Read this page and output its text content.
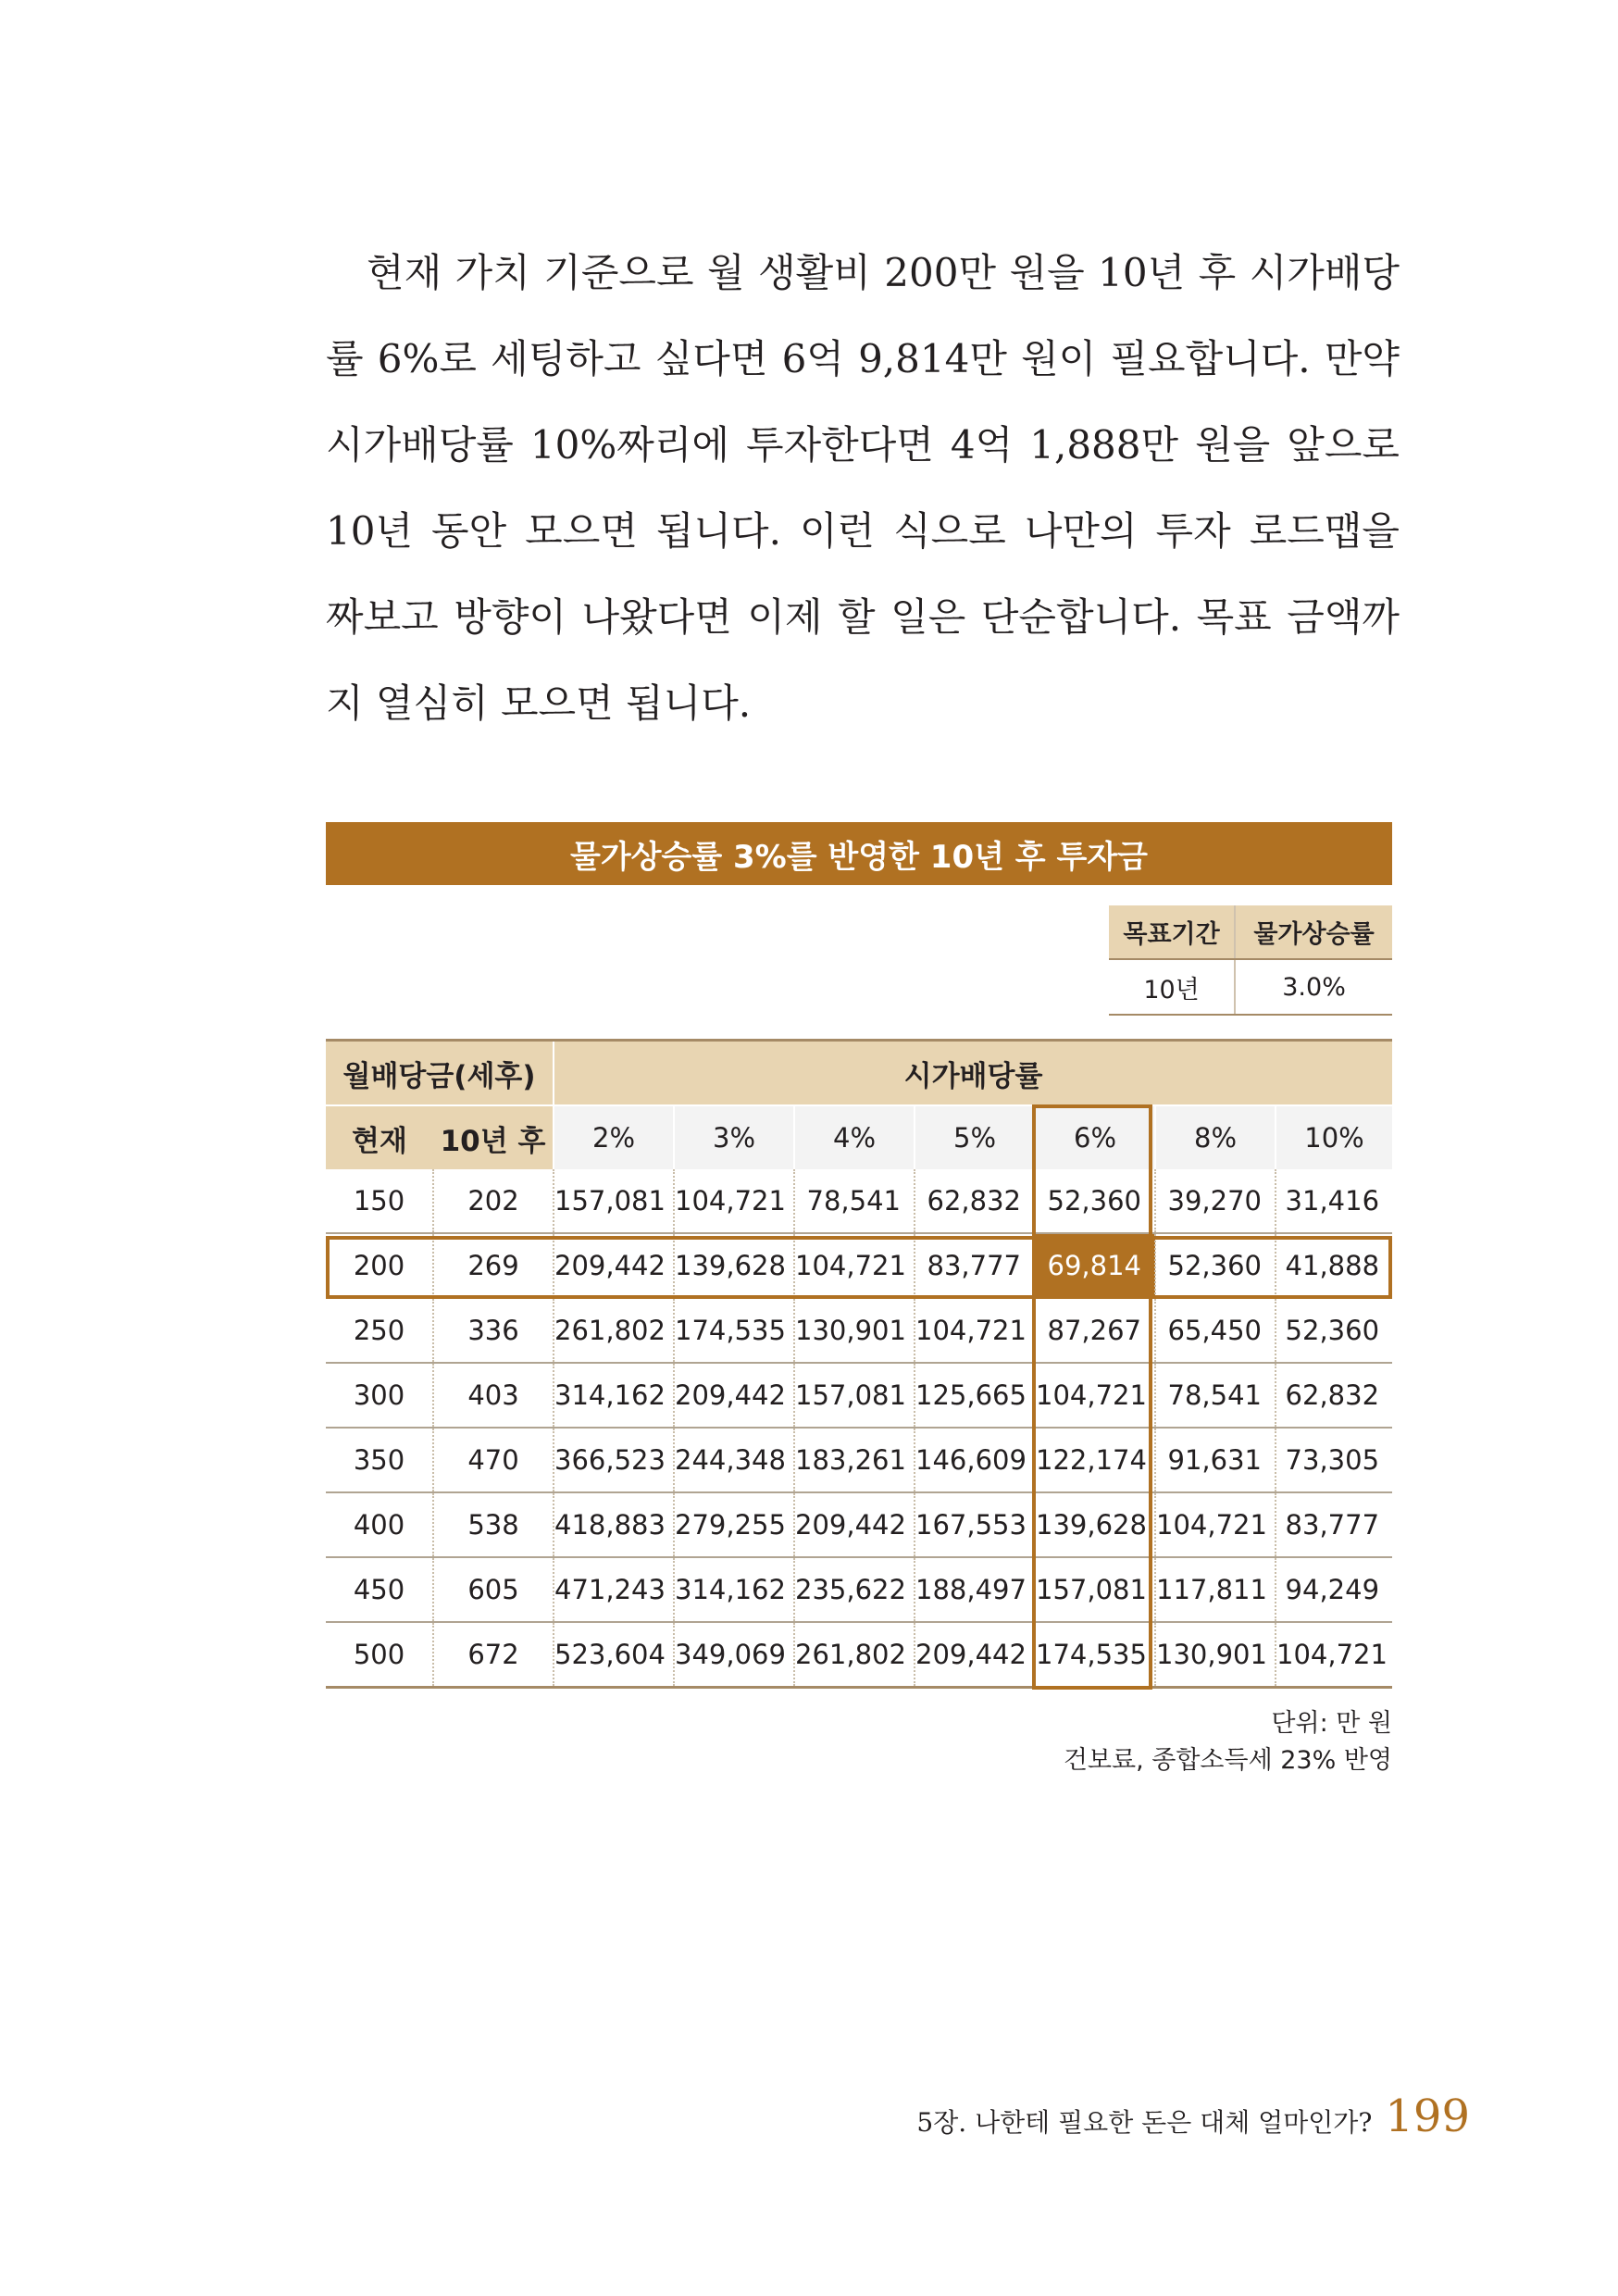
현재 가치 기준으로 월 생활비 200만 원을 10년 후 시가배당률 6%로 세팅하고 싶다면 6억 9,814만 원이 필요합니다. 만약 시가배당률 10%짜리에 투자한다면 4억 1,888만 원을 앞으로 10년 동안 모으면 됩니다. 이런 식으로 나만의 투자 로드맵을 짜보고 방향이 나왔다면 이제 할 일은 단순합니다. 목표 금액까지 열심히 모으면 됩니다.

물가상승률 3%를 반영한 10년 후 투자금
목표기간	물가상승률
10년	3.0%
월배당금(세후)		시가배당률						
현재	10년 후	2%	3%	4%	5%	6%	8%	10%
150	202	157,081	104,721	78,541	62,832	52,360	39,270	31,416
200	269	209,442	139,628	104,721	83,777	69,814	52,360	41,888
250	336	261,802	174,535	130,901	104,721	87,267	65,450	52,360
300	403	314,162	209,442	157,081	125,665	104,721	78,541	62,832
350	470	366,523	244,348	183,261	146,609	122,174	91,631	73,305
400	538	418,883	279,255	209,442	167,553	139,628	104,721	83,777
450	605	471,243	314,162	235,622	188,497	157,081	117,811	94,249
500	672	523,604	349,069	261,802	209,442	174,535	130,901	104,721
단위: 만 원
건보료, 종합소득세 23% 반영
5장. 나한테 필요한 돈은 대체 얼마인가? 199
